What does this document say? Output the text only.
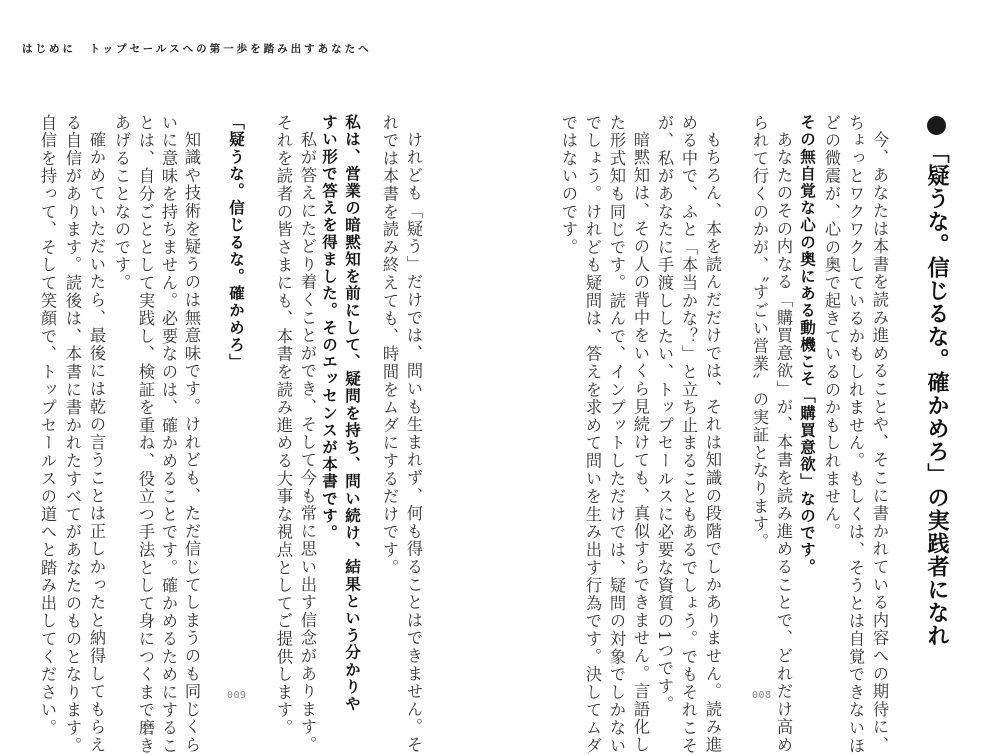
はじめに　トップセールスへの第一歩を踏み出すあなたへ
「疑うな。信じるな。確かめろ」の実践者になれ
今、あなたは本書を読み進めることや、そこに書かれている内容への期待に、
ちょっとワクワクしているかもしれません。もしくは、そうとは自覚できないほ
どの微震が、心の奥で起きているのかもしれません。
その無自覚な心の奥にある動機こそ「購買意欲」なのです。
あなたのその内なる「購買意欲」が、本書を読み進めることで、どれだけ高め
られて行くのかが、〝すごい営業〟の実証となります。
もちろん、本を読んだだけでは、それは知識の段階でしかありません。読み進
める中で、ふと「本当かな？」と立ち止まることもあるでしょう。でもそれこそ
が、私があなたに手渡ししたい、トップセールスに必要な資質の1つです。
暗黙知は、その人の背中をいくら見続けても、真似すらできません。言語化し
た形式知も同じです。読んで、インプットしただけでは、疑問の対象でしかない
でしょう。けれども疑問は、答えを求めて問いを生み出す行為です。決してムダ
ではないのです。
008
けれども「疑う」だけでは、問いも生まれず、何も得ることはできません。そ
れでは本書を読み終えても、時間をムダにするだけです。
私は、営業の暗黙知を前にして、疑問を持ち、問い続け、結果という分かりや
すい形で答えを得ました。そのエッセンスが本書です。
私が答えにたどり着くことができ、そして今も常に思い出す信念があります。
それを読者の皆さまにも、本書を読み進める大事な視点としてご提供します。
「疑うな。信じるな。確かめろ」
知識や技術を疑うのは無意味です。けれども、ただ信じてしまうのも同じくら
いに意味を持ちません。必要なのは、確かめることです。確かめるためにするこ
とは、自分ごととして実践し、検証を重ね、役立つ手法として身につくまで磨き
あげることなのです。
確かめていただいたら、最後には乾の言うことは正しかったと納得してもらえ
る自信があります。読後は、本書に書かれたすべてがあなたのものとなります。
自信を持って、そして笑顔で、トップセールスの道へと踏み出してください。	009
